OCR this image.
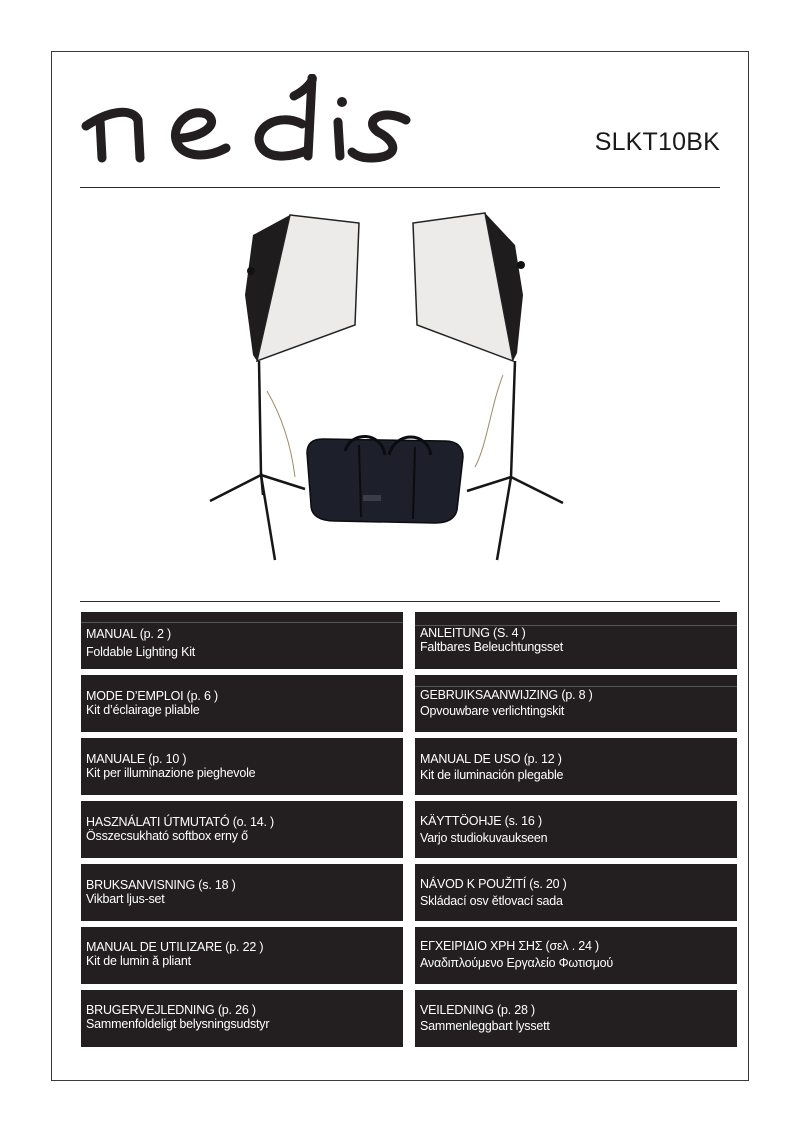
SLKT10BK
MANUAL (p. 2 )
Foldable Lighting Kit
MODE D’EMPLOI (p. 6 )
Kit d’éclairage pliable
MANUALE (p. 10 )
Kit per illuminazione pieghevole
HASZNÁLATI ÚTMUTATÓ (o. 14. )
Összecsukható softbox erny ő
BRUKSANVISNING (s. 18 )
Vikbart ljus-set
MANUAL DE UTILIZARE (p. 22 )
Kit de lumin ă pliant
BRUGERVEJLEDNING (p. 26 )
Sammenfoldeligt belysningsudstyr
ANLEITUNG (S. 4 )
Faltbares Beleuchtungsset
GEBRUIKSAANWIJZING (p. 8 )
Opvouwbare verlichtingskit
MANUAL DE USO (p. 12 )
Kit de iluminación plegable
KÄYTTÖOHJE (s. 16 )
Varjo studiokuvaukseen
NÁVOD K POUŽITÍ (s. 20 )
Skládací osv ětlovací sada
ΕΓΧΕΙΡΙΔΙΟ ΧΡΗ ΣΗΣ (σελ . 24 )
Αναδιπλούμενο Εργαλείο Φωτισμού
VEILEDNING (p. 28 )
Sammenleggbart lyssett
